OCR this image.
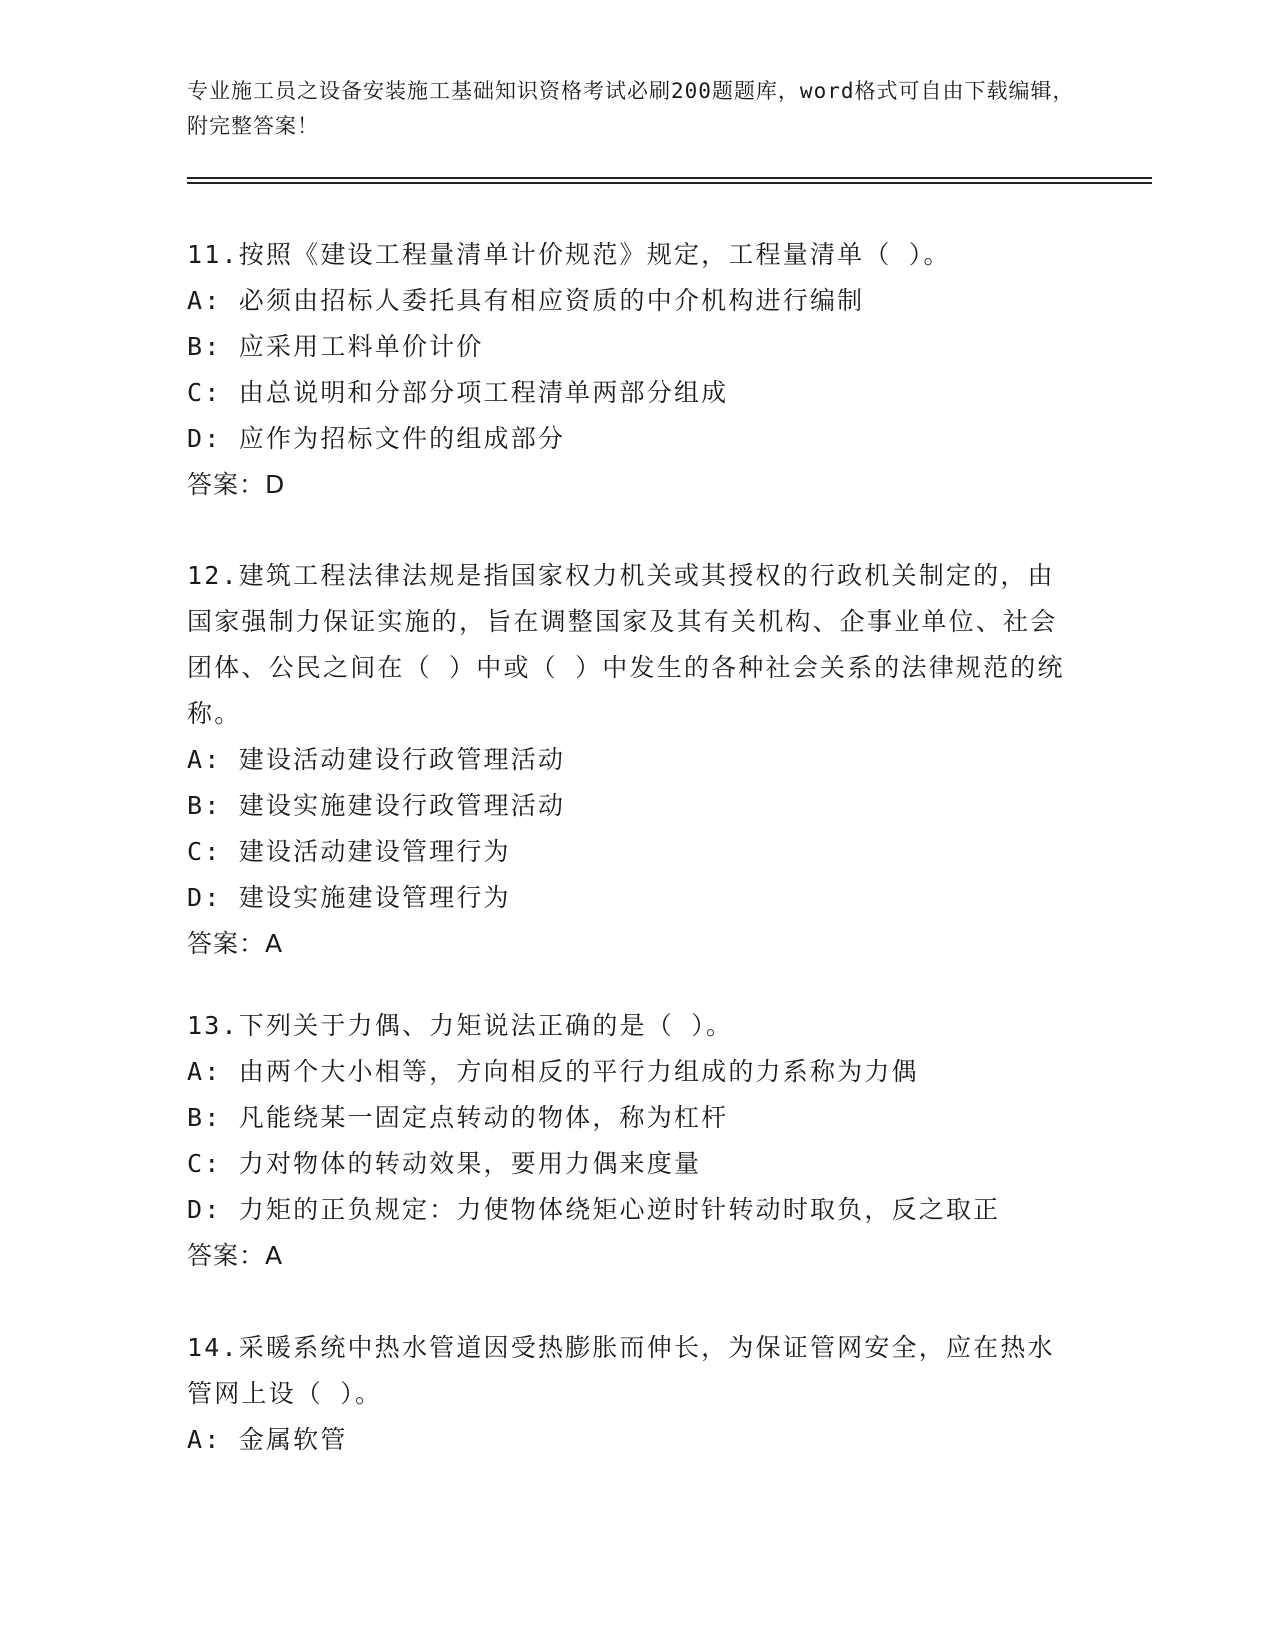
专业施工员之设备安装施工基础知识资格考试必刷200题题库，word格式可自由下载编辑，附完整答案！
11.按照《建设工程量清单计价规范》规定，工程量清单（ ）。
A: 必须由招标人委托具有相应资质的中介机构进行编制
B: 应采用工料单价计价
C: 由总说明和分部分项工程清单两部分组成
D: 应作为招标文件的组成部分
答案：D
12.建筑工程法律法规是指国家权力机关或其授权的行政机关制定的，由国家强制力保证实施的，旨在调整国家及其有关机构、企事业单位、社会团体、公民之间在（ ）中或（ ）中发生的各种社会关系的法律规范的统称。
A: 建设活动建设行政管理活动
B: 建设实施建设行政管理活动
C: 建设活动建设管理行为
D: 建设实施建设管理行为
答案：A
13.下列关于力偶、力矩说法正确的是（ ）。
A: 由两个大小相等，方向相反的平行力组成的力系称为力偶
B: 凡能绕某一固定点转动的物体，称为杠杆
C: 力对物体的转动效果，要用力偶来度量
D: 力矩的正负规定：力使物体绕矩心逆时针转动时取负，反之取正
答案：A
14.采暖系统中热水管道因受热膨胀而伸长，为保证管网安全，应在热水管网上设（ ）。
A: 金属软管
